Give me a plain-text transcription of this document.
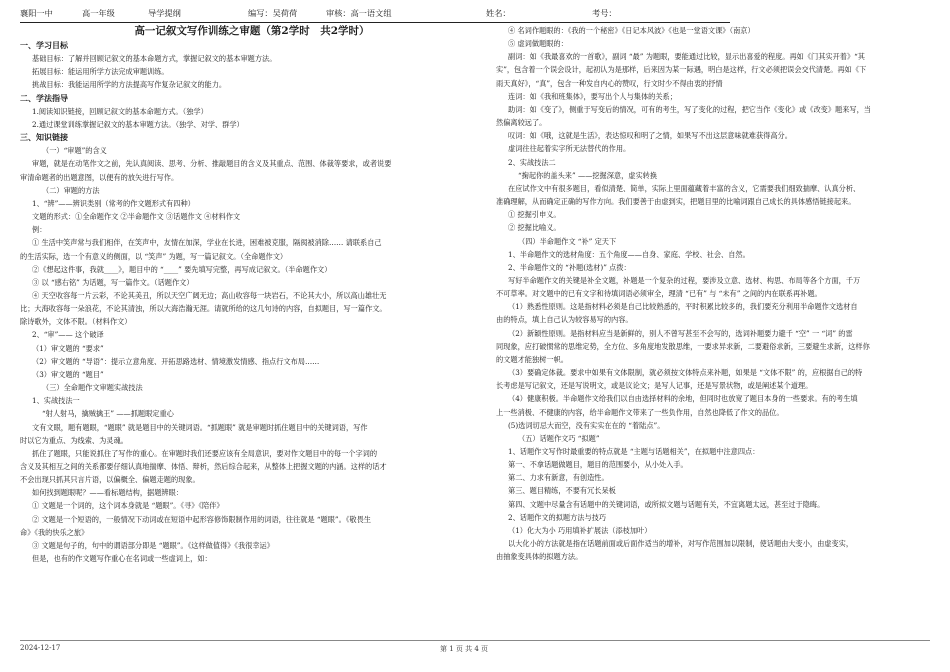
襄阳一中	高一年级	导学提纲	编写：吴荷荷	审核：高一语文组	姓名：	考号：

高一记叙文写作训练之审题（第2学时　共2学时）

一、学习目标

基础目标：了解并回顾记叙文的基本命题方式，掌握记叙文的基本审题方法。

拓展目标：能运用所学方法完成审题训练。

挑战目标：我能运用所学的方法提高写作复杂记叙文的能力。

二、学法指导

1.阅读知识链接，回顾记叙文的基本命题方式。（独学）

2.通过课堂训练掌握记叙文的基本审题方法。（独学、对学、群学）

三、知识链接

（一）“审题”的含义

审题，就是在动笔作文之前，先认真阅读、思考、分析、推敲题目的含义及其重点、范围、体裁等要求，或者说要

审清命题者的出题意图，以便有的放矢进行写作。

（二）审题的方法

1、“辨”——辨识类别（常考的作文题形式有四种）

文题的形式：①全命题作文 ②半命题作文 ③话题作文 ④材料作文

例：

① 生活中笑声常与我们相伴，在笑声中，友情在加深，学业在长进，困难被克服，隔阂被消除…… 请联系自己

的生活实际，选一个有意义的侧面，以 “笑声” 为题，写一篇记叙文。（全命题作文）

②《想起这件事，我就____》，题目中的 “____” 要先填写完整，再写成记叙文。（半命题作文）

③ 以 “感右铭” 为话题，写一篇作文。（话题作文）

④ 天空收容每一片云彩，不论其美丑，所以天空广阔无边；高山收容每一块岩石，不论其大小，所以高山雄壮无

比；大海收容每一朵浪花，不论其清浊，所以大海浩瀚无涯。请就所给的这几句诗的内容，自拟题目，写一篇作文。

除诗歌外，文体不限。（材料作文）

2、“审”—— 这个破译

（1）审文题的 “要求”

（2）审文题的 “导语”：提示立意角度、开拓思路选材、情境激发情感、指点行文布局……

（3）审文题的 “题目”

（三）全命题作文审题实战技法

1、实战技法一

“射人射马，擒贼擒王” ——抓题眼定重心

文有文眼，题有题眼，“题眼” 就是题目中的关键词语。“抓题眼” 就是审题时抓住题目中的关键词语，写作

时以它为重点、为线索、为灵魂。

抓住了题眼，只能说抓住了写作的重心。在审题时我们还要应该有全局意识，要对作文题目中的每一个字词的

含义及其相互之间的关系都要仔细认真地揣摩、体悟、辩析，然后综合起来，从整体上把握文题的内涵。这样的话才

不会出现只抓其只言片语，以偏概全、偏题走题的现象。

如何找到题眼呢？——看标题结构，据题辨眼：

① 文题是一个词的，这个词本身就是 “题眼”。《寻》《陪伴》

② 文题是一个短语的，一般情况下动词或在短语中起形容修饰限制作用的词语，往往就是 “题眼”。《敬畏生

命》《我的快乐之旅》

③ 文题是句子的，句中的谓语部分即是 “题眼”。《这样做值得》《我很幸运》

但是，也有的作文题写作重心在名词或一些虚词上，如：

④ 名词作题眼的：《我的一个秘密》《日记本风波》《也是一堂语文课》（南京）

⑤ 虚词做题眼的：

副词：如《我最喜欢的一首歌》，副词 “最” 为题眼，要能通过比较，显示出喜爱的程度。再如《门其实开着》“其

实”，包含着一个误会设计，起初认为是那样，后来因为某一际遇，明白是这样，行文必须把误会交代清楚。再如《下

雨天真好》，“真”，包含一种发自内心的赞叹，行文时少不得由衷的抒情

连词：如《我和班集体》，要写出个人与集体的关系；

助词：如《变了》，侧重于写变后的情况，可有的考生，写了变化的过程，把它当作《变化》或《改变》题来写，当

然偏离较远了。

叹词：如《哦，这就是生活》，表达惊叹和明了之情，如果写不出这层意味就难获得高分。

虚词往往起着实字所无法替代的作用。

2、实战技法二

“掬起你的盖头来” ——挖掘深意，虚实转换

在应试作文中有很多题目，看似清楚、简单，实际上里面蕴藏着丰富的含义，它需要我们细致揣摩、认真分析、

准确理解，从而确定正确的写作方向。我们要善于由虚到实，把题目里的比喻词跟自己成长的具体感悟链接起来。

① 挖掘引申义。

② 挖掘比喻义。

（四）半命题作文 “补” 定天下

1、半命题作文的选材角度：五个角度——自身、家庭、学校、社会、自然。

2、半命题作文的 “补题(选材)” 点拨：

写好半命题作文的关键是补全文题，补题是一个复杂的过程，要涉及立意、选材、构思、布局等各个方面，千万

不可草率。对文题中的已有文字和待填词语必须审全，理清 “已有” 与 “未有” 之间的内在联系再补题。

（1）熟悉性原则。这是指材料必须是自己比较熟悉的，平时积累比较多的，我们要充分利用半命题作文选材自

由的特点，填上自己认为较容易写的内容。

（2）新颖性原则。是指材料应当是新鲜的，别人不曾写甚至不会写的，选词补题要力避千 “空” 一 “词” 的雷

同现象，应打破惯常的思维定势，全方位、多角度地发散思维，一要求异求新，二要避俗求新，三要避生求新，这样你

的文题才能独树一帜。

（3）要确定体裁。要求中如果有文体限制，就必须按文体特点来补题，如果是 “文体不限” 的，应根据自己的特

长考虑是写记叙文，还是写说明文，或是议论文；是写人记事，还是写景状物，或是阐述某个道理。

（4）健康积极。半命题作文给我们以自由选择材料的余地，但同时也放宽了题目本身的一些要求。有的考生填

上一些消极、不健康的内容，给半命题作文带来了一些负作用，自然也降低了作文的品位。

(5)选词切忌大而空，没有实实在在的 “着陆点”。

（五）话题作文巧 “拟题”

1、话题作文写作时最重要的特点就是 “主题与话题相关”，在拟题中注意四点：

第一、不拿话题做题目，题目的范围要小，从小处入手。

第二、力求有新意，有创造性。

第三、题目精练，不要有冗长呆板

第四、文题中尽量含有话题中的关键词语，或所拟文题与话题有关，不宜离题太远，甚至过于隐晦。

2、话题作文的拟题方法与技巧

（1）化大为小 巧用填补扩展法（添枝加叶）

以大化小的方法就是指在话题前面或后面作适当的增补，对写作范围加以限制，使话题由大变小，由虚变实，

由抽象变具体的拟题方法。

2024-12-17	第 1 页 共 4 页
